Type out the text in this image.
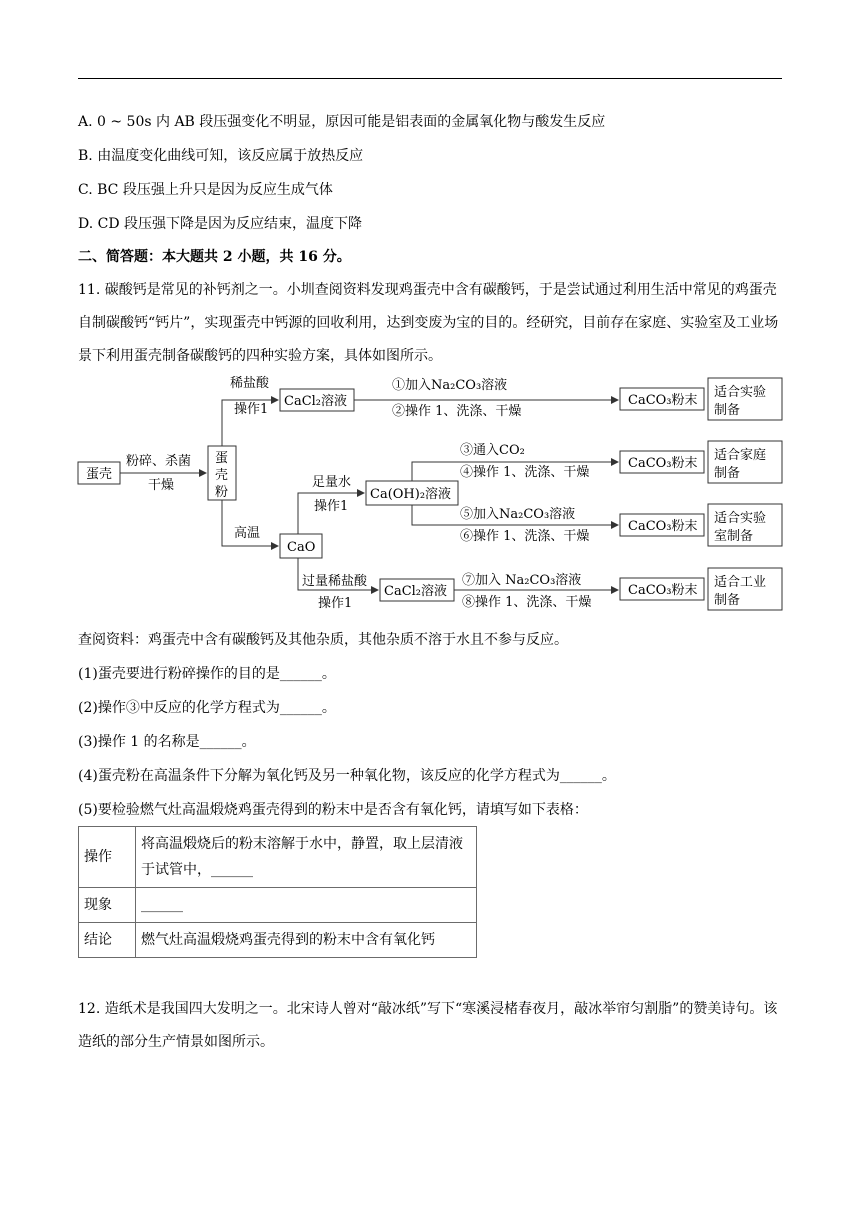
A. 0 ~ 50s 内 AB 段压强变化不明显，原因可能是铝表面的金属氧化物与酸发生反应
B. 由温度变化曲线可知，该反应属于放热反应
C. BC 段压强上升只是因为反应生成气体
D. CD 段压强下降是因为反应结束，温度下降
二、简答题：本大题共 2 小题，共 16 分。
11. 碳酸钙是常见的补钙剂之一。小圳查阅资料发现鸡蛋壳中含有碳酸钙，于是尝试通过利用生活中常见的鸡蛋壳自制碳酸钙“钙片”，实现蛋壳中钙源的回收利用，达到变废为宝的目的。经研究，目前存在家庭、实验室及工业场景下利用蛋壳制备碳酸钙的四种实验方案，具体如图所示。
蛋壳
粉碎、杀菌
干燥
蛋
壳
粉
稀盐酸
操作1
CaCl₂溶液
①加入Na₂CO₃溶液
②操作 1、洗涤、干燥
CaCO₃粉末
适合实验
制备
高温
CaO
足量水
操作1
Ca(OH)₂溶液
③通入CO₂
④操作 1、洗涤、干燥
CaCO₃粉末
适合家庭
制备
⑤加入Na₂CO₃溶液
⑥操作 1、洗涤、干燥
CaCO₃粉末
适合实验
室制备
过量稀盐酸
操作1
CaCl₂溶液
⑦加入 Na₂CO₃溶液
⑧操作 1、洗涤、干燥
CaCO₃粉末
适合工业
制备
查阅资料：鸡蛋壳中含有碳酸钙及其他杂质，其他杂质不溶于水且不参与反应。
(1)蛋壳要进行粉碎操作的目的是______。
(2)操作③中反应的化学方程式为______。
(3)操作 1 的名称是______。
(4)蛋壳粉在高温条件下分解为氧化钙及另一种氧化物，该反应的化学方程式为______。
(5)要检验燃气灶高温煅烧鸡蛋壳得到的粉末中是否含有氧化钙，请填写如下表格：
操作	将高温煅烧后的粉末溶解于水中，静置，取上层清液于试管中，______
现象	______
结论	燃气灶高温煅烧鸡蛋壳得到的粉末中含有氧化钙
12. 造纸术是我国四大发明之一。北宋诗人曾对“敲冰纸”写下“寒溪浸楮春夜月，敲冰举帘匀割脂”的赞美诗句。该造纸的部分生产情景如图所示。
